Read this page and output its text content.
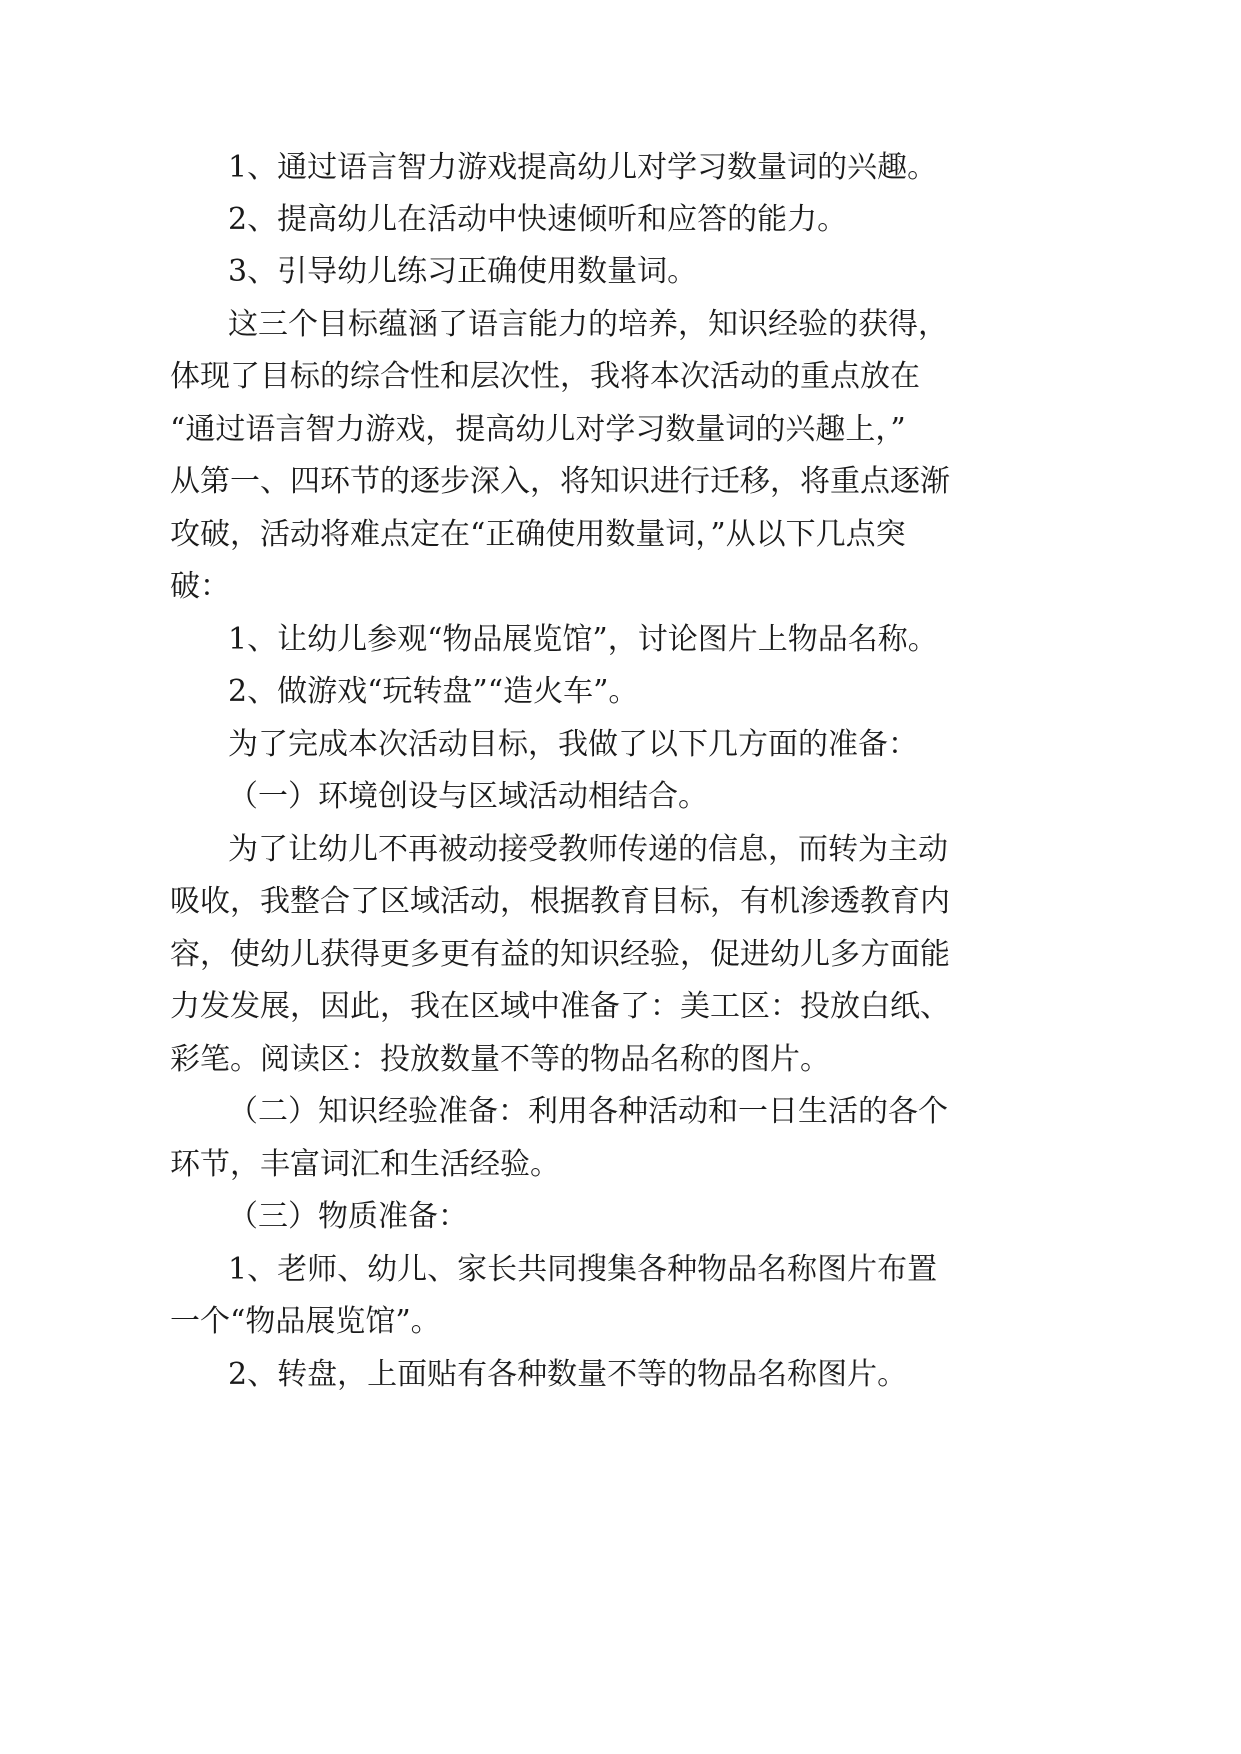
1、通过语言智力游戏提高幼儿对学习数量词的兴趣。
2、提高幼儿在活动中快速倾听和应答的能力。
3、引导幼儿练习正确使用数量词。
这三个目标蕴涵了语言能力的培养，知识经验的获得，
体现了目标的综合性和层次性，我将本次活动的重点放在
“通过语言智力游戏，提高幼儿对学习数量词的兴趣上，”
从第一、四环节的逐步深入，将知识进行迁移，将重点逐渐
攻破，活动将难点定在“正确使用数量词，”从以下几点突
破：
1、让幼儿参观“物品展览馆”，讨论图片上物品名称。
2、做游戏“玩转盘”“造火车”。
为了完成本次活动目标，我做了以下几方面的准备：
（一）环境创设与区域活动相结合。
为了让幼儿不再被动接受教师传递的信息，而转为主动
吸收，我整合了区域活动，根据教育目标，有机渗透教育内
容，使幼儿获得更多更有益的知识经验，促进幼儿多方面能
力发发展，因此，我在区域中准备了：美工区：投放白纸、
彩笔。阅读区：投放数量不等的物品名称的图片。
（二）知识经验准备：利用各种活动和一日生活的各个
环节，丰富词汇和生活经验。
（三）物质准备：
1、老师、幼儿、家长共同搜集各种物品名称图片布置
一个“物品展览馆”。
2、转盘，上面贴有各种数量不等的物品名称图片。
